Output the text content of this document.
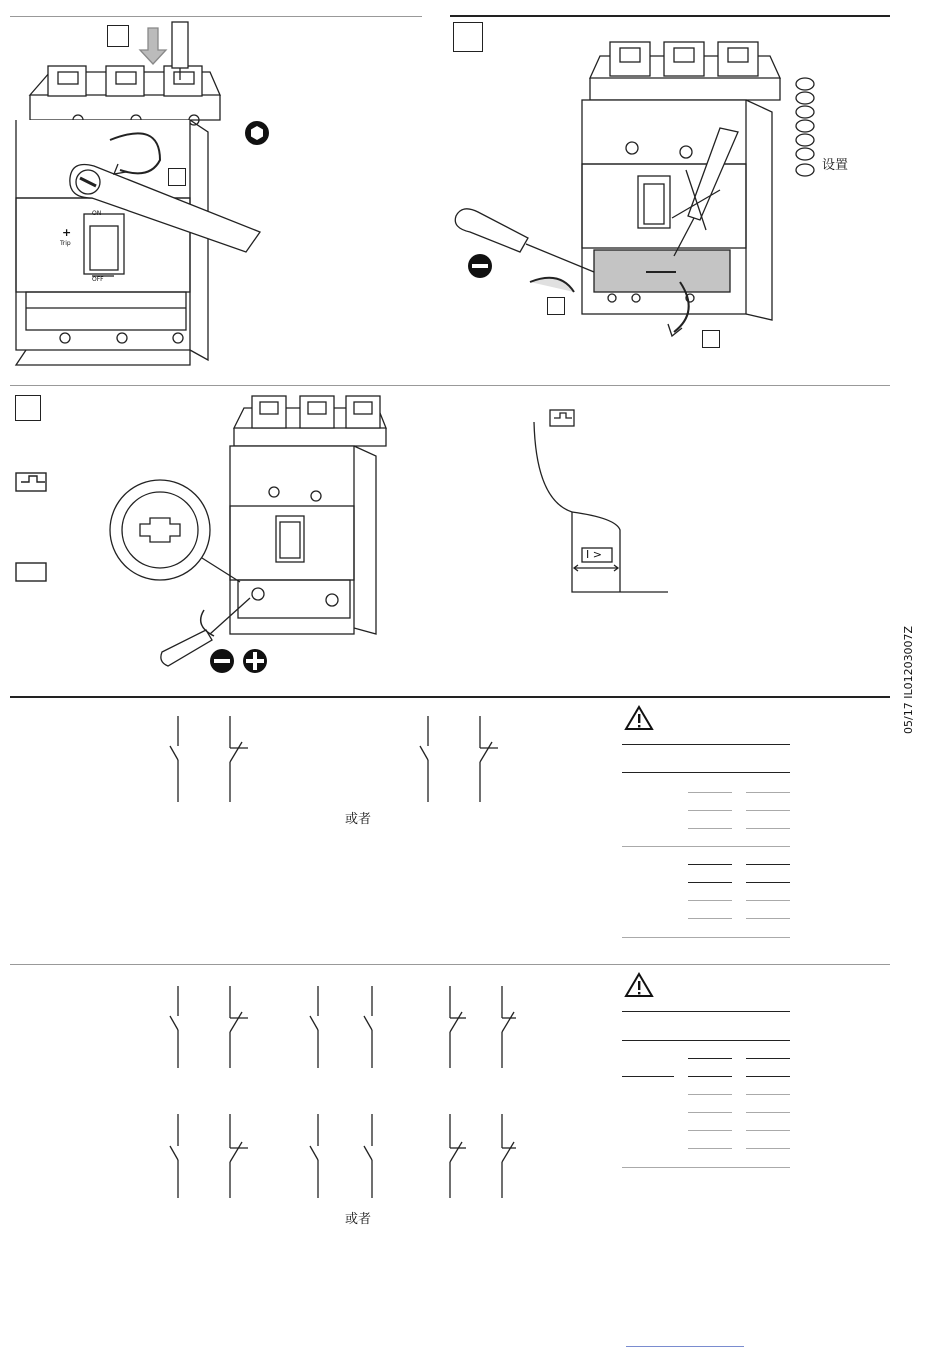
设置
I >
05/17 IL01203007Z
或者
或者
ON
OFF
Trip
+
